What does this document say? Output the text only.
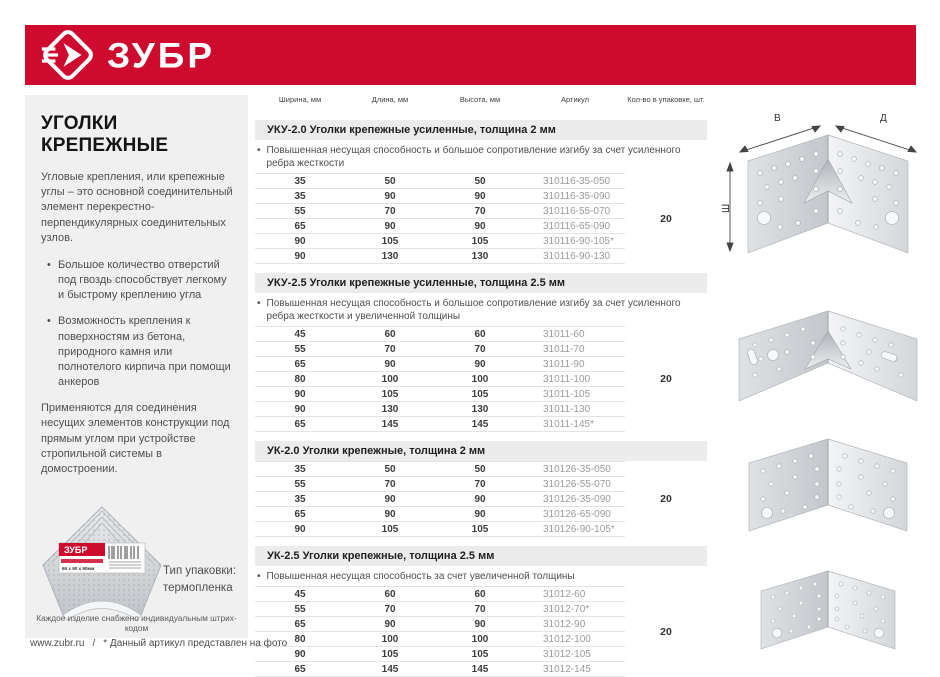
ЗУБР
УГОЛКИ КРЕПЕЖНЫЕ

Угловые крепления, или крепежные углы – это основной соединительный элемент перекрестно-перпендикулярных соединительных узлов.

• Большое количество отверстий под гвоздь способствует легкому и быстрому креплению угла
• Возможность крепления к поверхностям из бетона, природного камня или полнотелого кирпича при помощи анкеров

Применяются для соединения несущих элементов конструкции под прямым углом при устройстве стропильной системы в домостроении.

ЗУБР
65 х 90 х 90мм	Тип упаковки:
термопленка
Каждое изделие снабжено индивидуальным штрих-кодом
Ширина, мм	Длина, мм	Высота, мм	Артикул	Кол-во в упаковке, шт.
УКУ-2.0 Уголки крепежные усиленные, толщина 2 мм
• Повышенная несущая способность и большое сопротивление изгибу за счет усиленного ребра жесткости
35	50	50	310116-35-050
35	90	90	310116-35-090
55	70	70	310116-55-070
65	90	90	310116-65-090
90	105	105	310116-90-105*
90	130	130	310116-90-130
20
УКУ-2.5 Уголки крепежные усиленные, толщина 2.5 мм
• Повышенная несущая способность и большое сопротивление изгибу за счет усиленного ребра жесткости и увеличенной толщины
45	60	60	31011-60
55	70	70	31011-70
65	90	90	31011-90
80	100	100	31011-100
90	105	105	31011-105
90	130	130	31011-130
65	145	145	31011-145*
20
УК-2.0 Уголки крепежные, толщина 2 мм
35	50	50	310126-35-050
55	70	70	310126-55-070
35	90	90	310126-35-090
65	90	90	310126-65-090
90	105	105	310126-90-105*
20
УК-2.5 Уголки крепежные, толщина 2.5 мм
• Повышенная несущая способность за счет увеличенной толщины
45	60	60	31012-60
55	70	70	31012-70*
65	90	90	31012-90
80	100	100	31012-100
90	105	105	31012-105
65	145	145	31012-145
20
В	Д
Ш
www.zubr.ru / * Данный артикул представлен на фото
